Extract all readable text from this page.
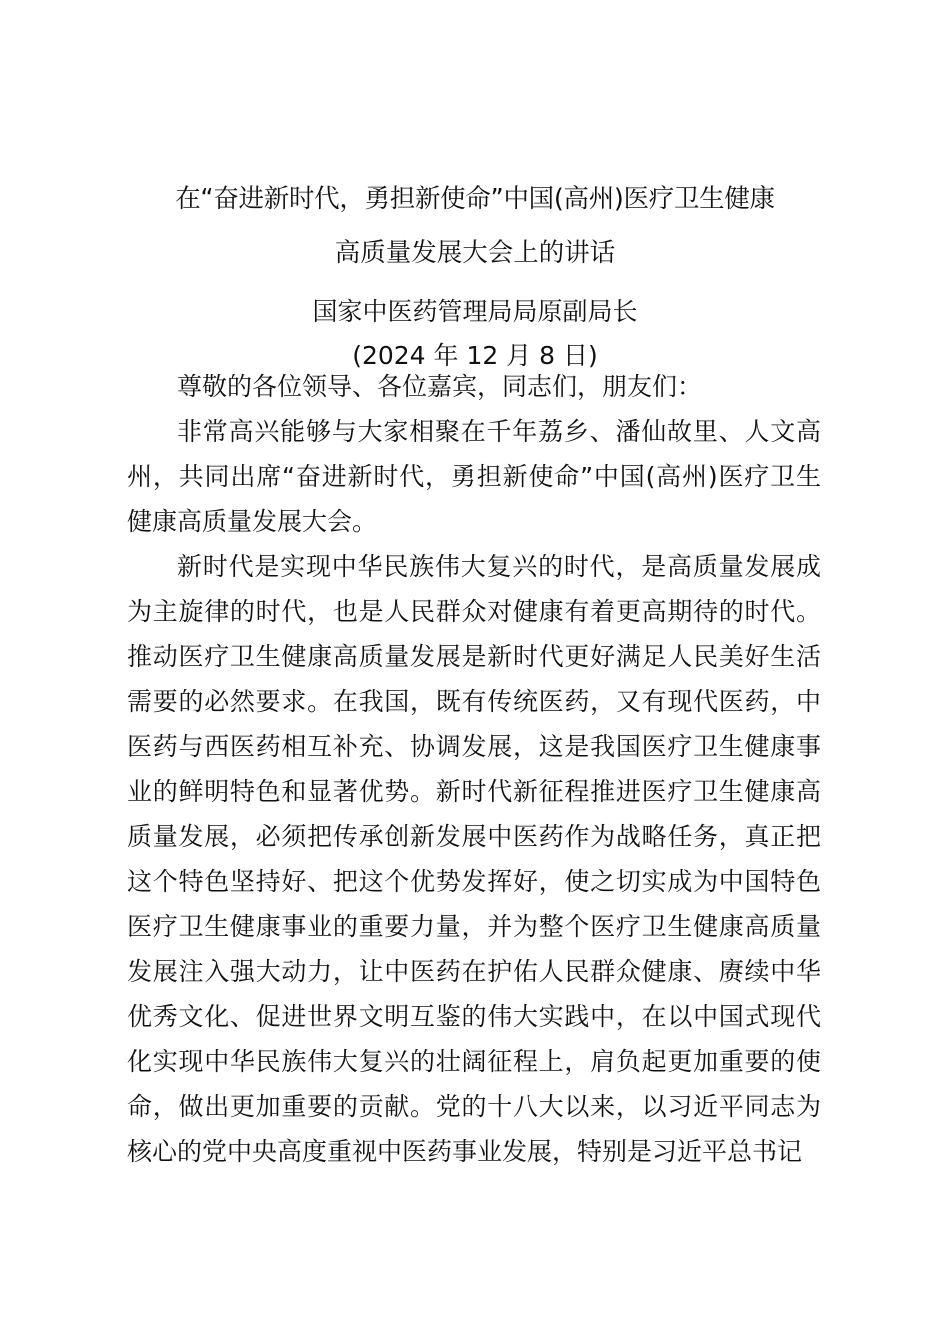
在“奋进新时代，勇担新使命”中国(高州)医疗卫生健康
高质量发展大会上的讲话
国家中医药管理局局原副局长
(2024 年 12 月 8 日)

尊敬的各位领导、各位嘉宾，同志们，朋友们：

非常高兴能够与大家相聚在千年荔乡、潘仙故里、人文高州，共同出席“奋进新时代，勇担新使命”中国(高州)医疗卫生健康高质量发展大会。

新时代是实现中华民族伟大复兴的时代，是高质量发展成为主旋律的时代，也是人民群众对健康有着更高期待的时代。推动医疗卫生健康高质量发展是新时代更好满足人民美好生活需要的必然要求。在我国，既有传统医药，又有现代医药，中医药与西医药相互补充、协调发展，这是我国医疗卫生健康事业的鲜明特色和显著优势。新时代新征程推进医疗卫生健康高质量发展，必须把传承创新发展中医药作为战略任务，真正把这个特色坚持好、把这个优势发挥好，使之切实成为中国特色医疗卫生健康事业的重要力量，并为整个医疗卫生健康高质量发展注入强大动力，让中医药在护佑人民群众健康、赓续中华优秀文化、促进世界文明互鉴的伟大实践中，在以中国式现代化实现中华民族伟大复兴的壮阔征程上，肩负起更加重要的使命，做出更加重要的贡献。党的十八大以来，以习近平同志为核心的党中央高度重视中医药事业发展，特别是习近平总书记
